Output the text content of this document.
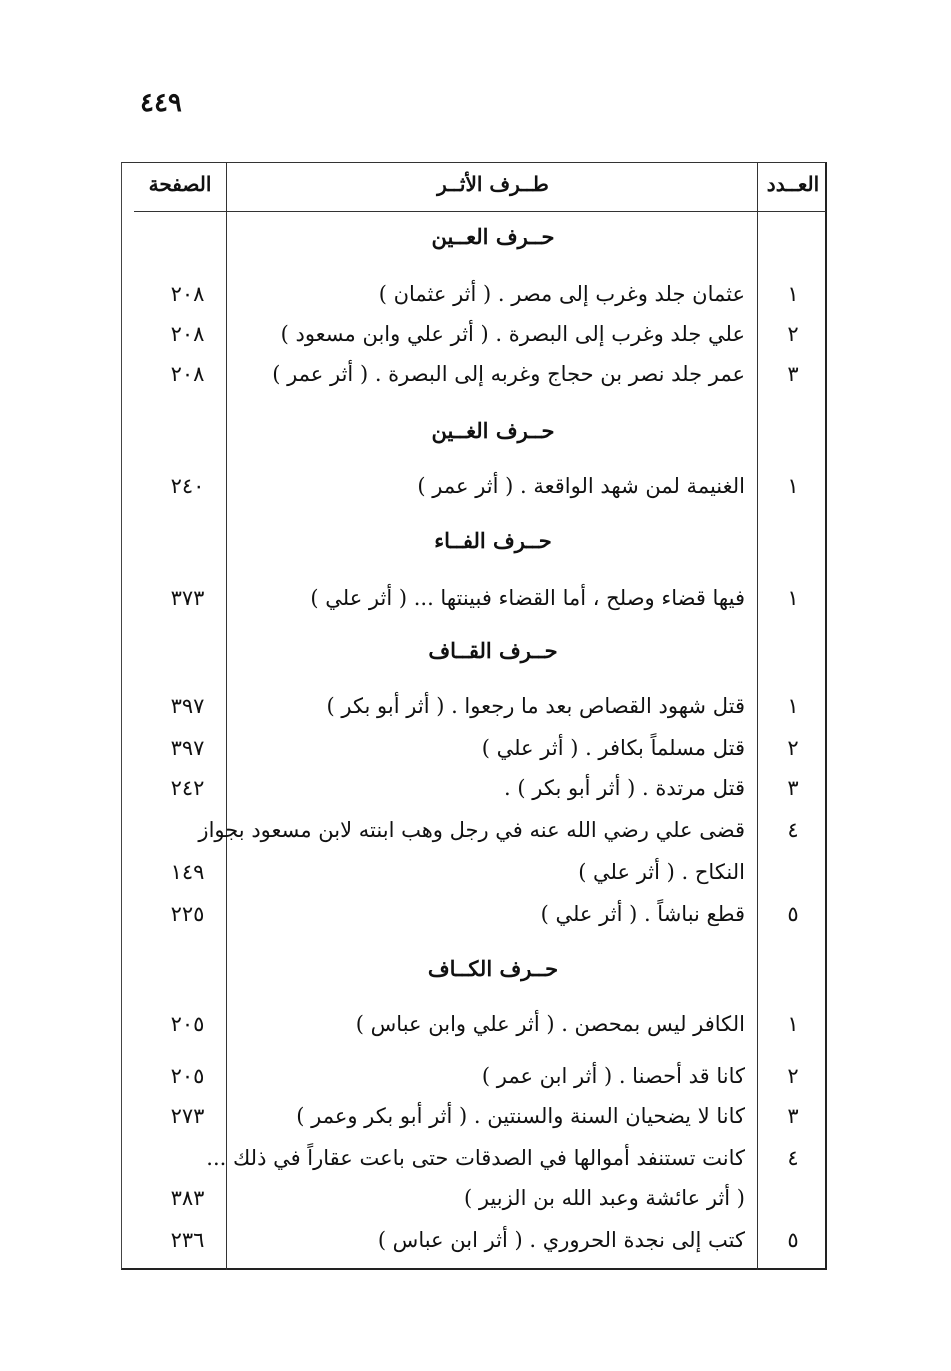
٤٤٩
العــدد
طــرف الأثــر
الصفحة
حــرف العــين
١
عثمان جلد وغرب إلى مصر . ( أثر عثمان )
٢٠٨
٢
علي جلد وغرب إلى البصرة . ( أثر علي وابن مسعود )
٢٠٨
٣
عمر جلد نصر بن حجاج وغربه إلى البصرة . ( أثر عمر )
٢٠٨
حــرف الغــين
١
الغنيمة لمن شهد الواقعة . ( أثر عمر )
٢٤٠
حــرف الفــاء
١
فيها قضاء وصلح ، أما القضاء فبينتها ... ( أثر علي )
٣٧٣
حــرف القــاف
١
قتل شهود القصاص بعد ما رجعوا . ( أثر أبو بكر )
٣٩٧
٢
قتل مسلماً بكافر . ( أثر علي )
٣٩٧
٣
قتل مرتدة . ( أثر أبو بكر ) .
٢٤٢
٤
قضى علي رضي الله عنه في رجل وهب ابنته لابن مسعود بجواز
النكاح . ( أثر علي )
١٤٩
٥
قطع نباشاً . ( أثر علي )
٢٢٥
حــرف الكــاف
١
الكافر ليس بمحصن . ( أثر علي وابن عباس )
٢٠٥
٢
كانا قد أحصنا . ( أثر ابن عمر )
٢٠٥
٣
كانا لا يضحيان السنة والسنتين . ( أثر أبو بكر وعمر )
٢٧٣
٤
كانت تستنفد أموالها في الصدقات حتى باعت عقاراً في ذلك ...
( أثر عائشة وعبد الله بن الزبير )
٣٨٣
٥
كتب إلى نجدة الحروري . ( أثر ابن عباس )
٢٣٦
